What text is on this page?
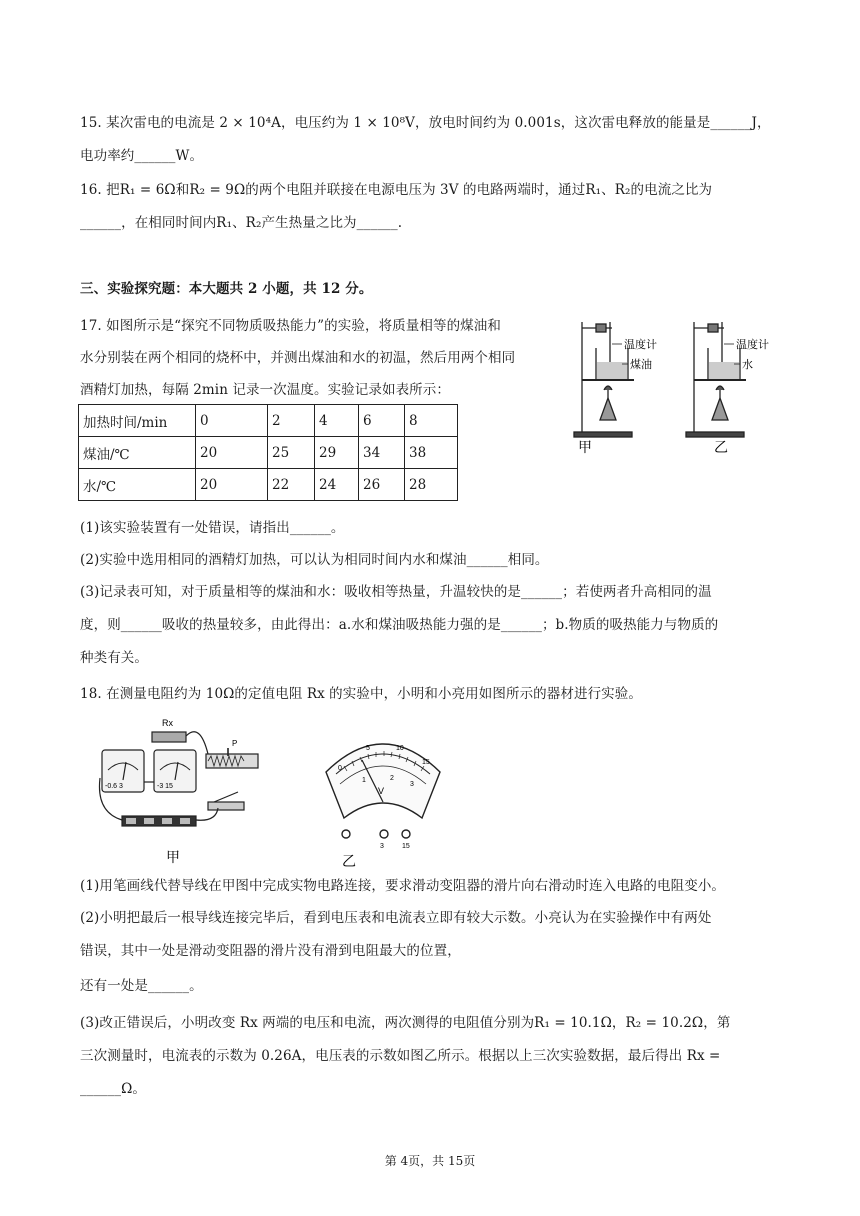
15. 某次雷电的电流是 2 × 10⁴A，电压约为 1 × 10⁸V，放电时间约为 0.001s，这次雷电释放的能量是______J，
电功率约______W。
16. 把R₁ = 6Ω和R₂ = 9Ω的两个电阻并联接在电源电压为 3V 的电路两端时，通过R₁、R₂的电流之比为
______，在相同时间内R₁、R₂产生热量之比为______.
三、实验探究题：本大题共 2 小题，共 12 分。
17. 如图所示是“探究不同物质吸热能力”的实验，将质量相等的煤油和
水分别装在两个相同的烧杯中，并测出煤油和水的初温，然后用两个相同
酒精灯加热，每隔 2min 记录一次温度。实验记录如表所示：
加热时间/min	0	2	4	6	8
煤油/℃	20	25	29	34	38
水/℃	20	22	24	26	28
温度计
煤油
甲
温度计
水
乙
(1)该实验装置有一处错误，请指出______。
(2)实验中选用相同的酒精灯加热，可以认为相同时间内水和煤油______相同。
(3)记录表可知，对于质量相等的煤油和水：吸收相等热量，升温较快的是______；若使两者升高相同的温
度，则______吸收的热量较多，由此得出：a.水和煤油吸热能力强的是______；b.物质的吸热能力与物质的
种类有关。
18. 在测量电阻约为 10Ω的定值电阻 Rx 的实验中，小明和小亮用如图所示的器材进行实验。
Rx
P
-0.6 3	-3 15
甲
0
5	10
15
1	2
3
V
3	15
乙
(1)用笔画线代替导线在甲图中完成实物电路连接，要求滑动变阻器的滑片向右滑动时连入电路的电阻变小。
(2)小明把最后一根导线连接完毕后，看到电压表和电流表立即有较大示数。小亮认为在实验操作中有两处
错误，其中一处是滑动变阻器的滑片没有滑到电阻最大的位置，
还有一处是______。
(3)改正错误后，小明改变 Rx 两端的电压和电流，两次测得的电阻值分别为R₁ = 10.1Ω，R₂ = 10.2Ω，第
三次测量时，电流表的示数为 0.26A，电压表的示数如图乙所示。根据以上三次实验数据，最后得出 Rx =
______Ω。
第 4页，共 15页
